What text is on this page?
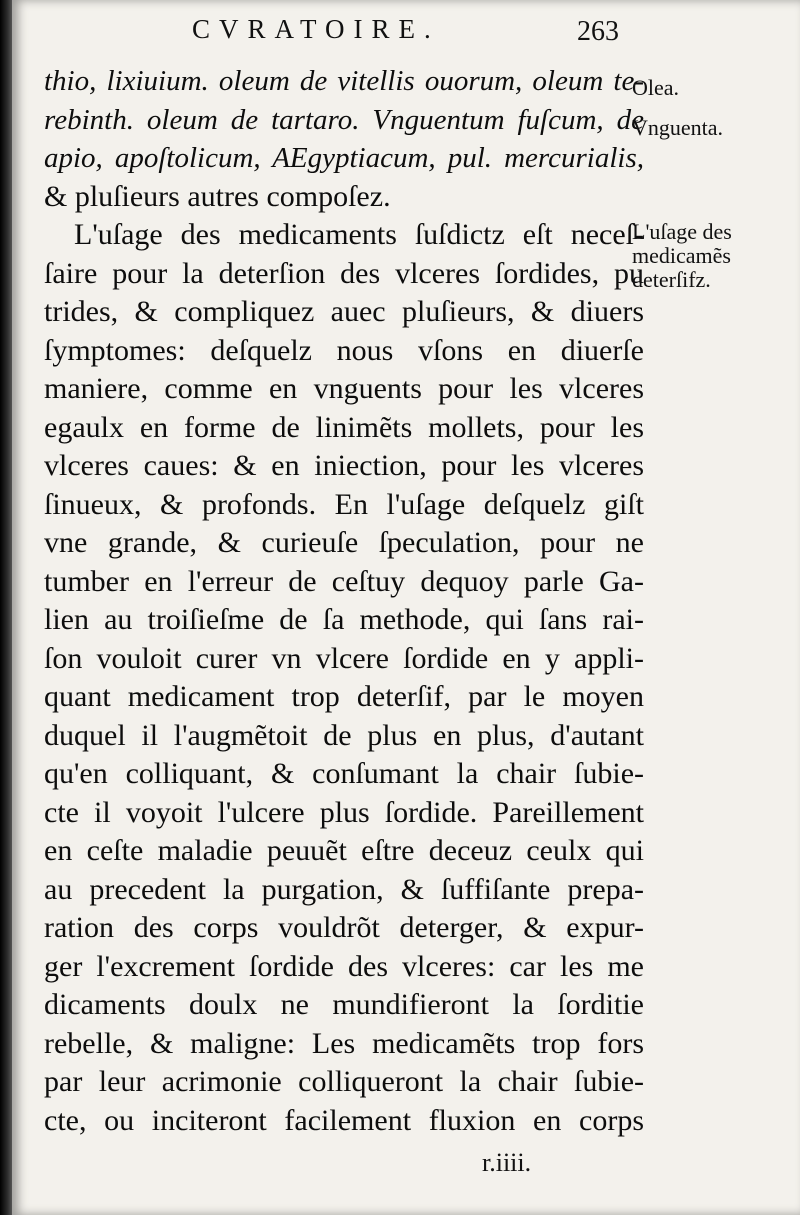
CVRATOIRE.	263
thio, lixiuium. oleum de vitellis ouorum, oleum te-
rebinth. oleum de tartaro. Vnguentum fuſcum, de
apio, apoſtolicum, AEgyptiacum, pul. mercurialis,
& pluſieurs autres compoſez.
L'uſage des medicaments ſuſdictz eſt neceſ-
ſaire pour la deterſion des vlceres ſordides, pu
trides, & compliquez auec pluſieurs, & diuers
ſymptomes: deſquelz nous vſons en diuerſe
maniere, comme en vnguents pour les vlceres
egaulx en forme de linimẽts mollets, pour les
vlceres caues: & en iniection, pour les vlceres
ſinueux, & profonds. En l'uſage deſquelz giſt
vne grande, & curieuſe ſpeculation, pour ne
tumber en l'erreur de ceſtuy dequoy parle Ga-
lien au troiſieſme de ſa methode, qui ſans rai-
ſon vouloit curer vn vlcere ſordide en y appli-
quant medicament trop deterſif, par le moyen
duquel il l'augmẽtoit de plus en plus, d'autant
qu'en colliquant, & conſumant la chair ſubie-
cte il voyoit l'ulcere plus ſordide. Pareillement
en ceſte maladie peuuẽt eſtre deceuz ceulx qui
au precedent la purgation, & ſuffiſante prepa-
ration des corps vouldrõt deterger, & expur-
ger l'excrement ſordide des vlceres: car les me
dicaments doulx ne mundifieront la ſorditie
rebelle, & maligne: Les medicamẽts trop fors
par leur acrimonie colliqueront la chair ſubie-
cte, ou inciteront facilement fluxion en corps
Olea.
Vnguenta.
L'uſage des
medicamẽs
deterſifz.
r.iiii.
